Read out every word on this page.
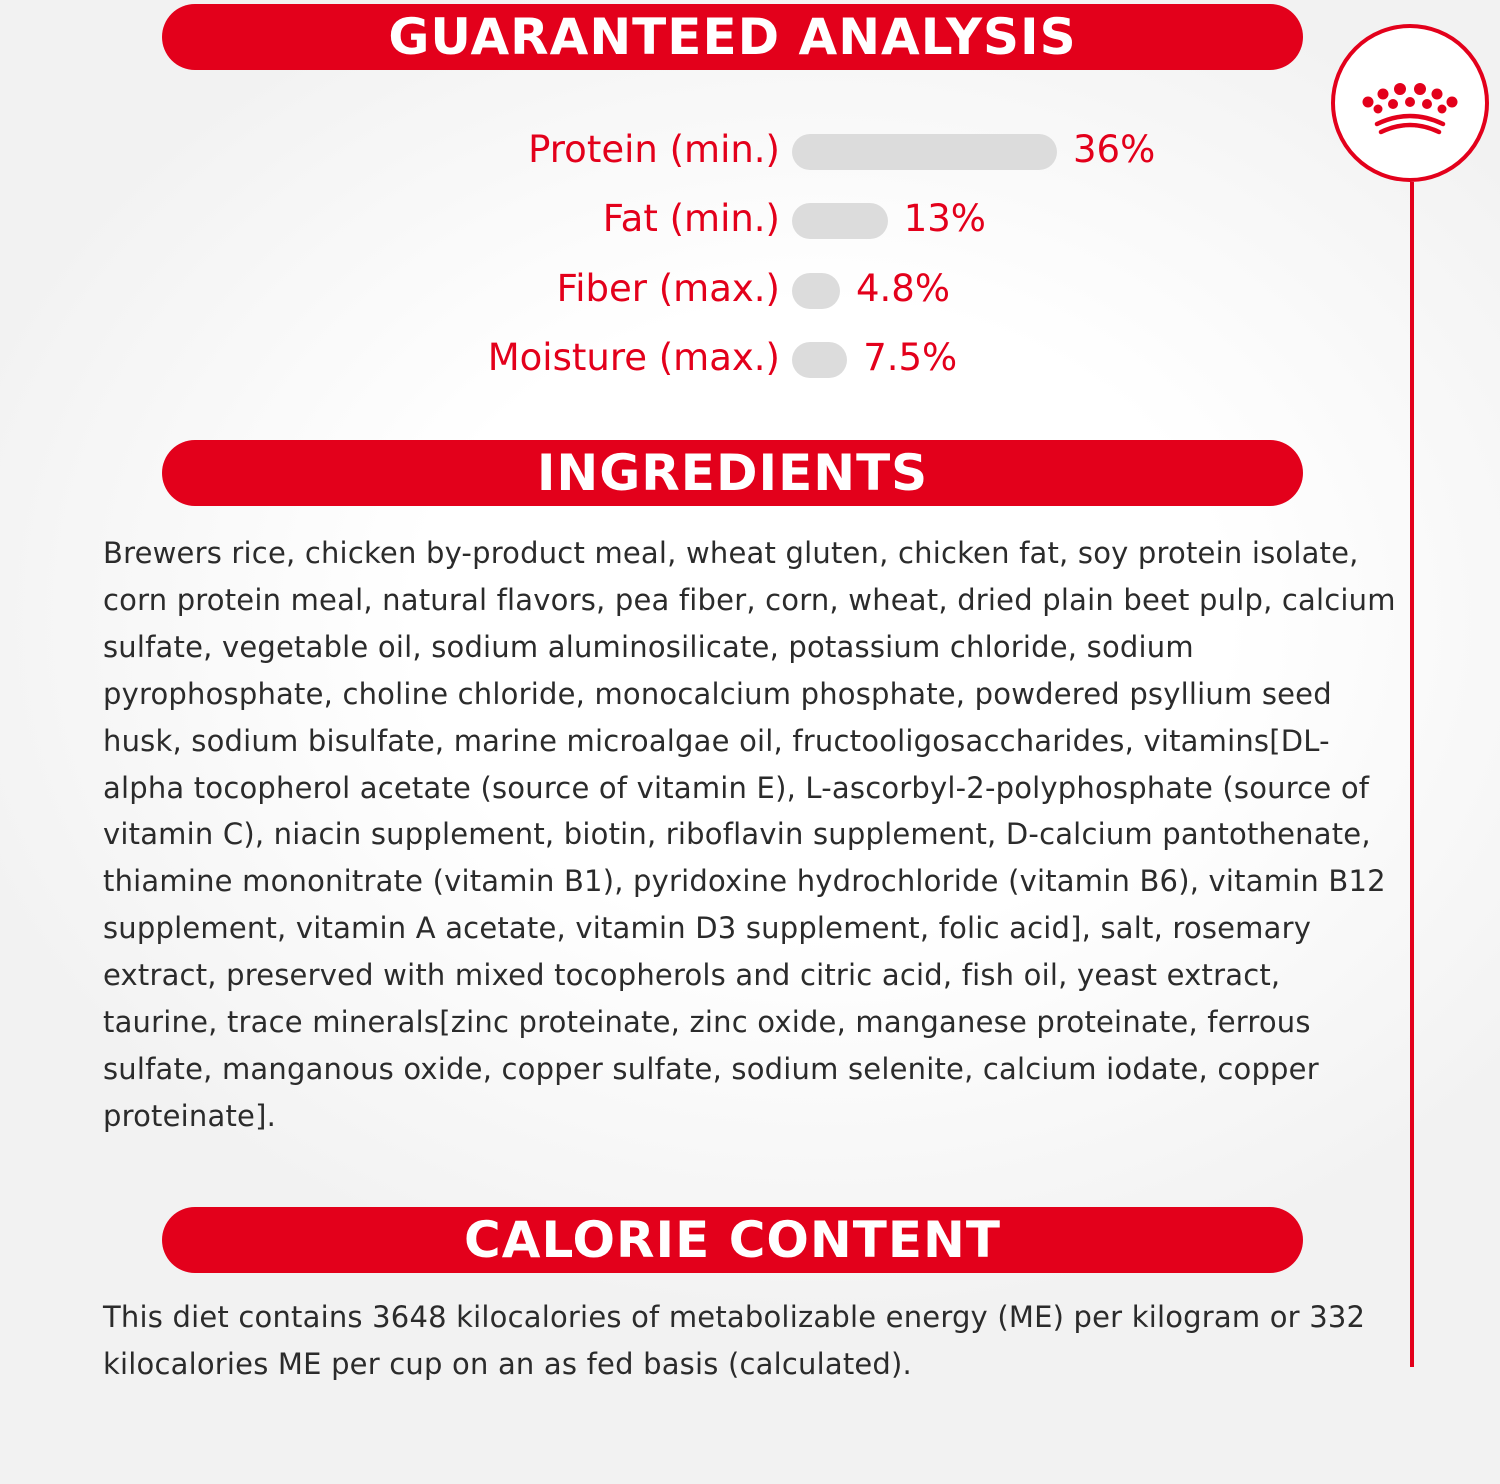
GUARANTEED ANALYSIS
Protein (min.)	36%
Fat (min.)	13%
Fiber (max.) 4.8%
Moisture (max.) 7.5%
INGREDIENTS

Brewers rice, chicken by-product meal, wheat gluten, chicken fat, soy protein isolate, corn protein meal, natural flavors, pea fiber, corn, wheat, dried plain beet pulp, calcium sulfate, vegetable oil, sodium aluminosilicate, potassium chloride, sodium pyrophosphate, choline chloride, monocalcium phosphate, powdered psyllium seed husk, sodium bisulfate, marine microalgae oil, fructooligosaccharides, vitamins[DL-alpha tocopherol acetate (source of vitamin E), L-ascorbyl-2-polyphosphate (source of vitamin C), niacin supplement, biotin, riboflavin supplement, D-calcium pantothenate, thiamine mononitrate (vitamin B1), pyridoxine hydrochloride (vitamin B6), vitamin B12 supplement, vitamin A acetate, vitamin D3 supplement, folic acid], salt, rosemary extract, preserved with mixed tocopherols and citric acid, fish oil, yeast extract, taurine, trace minerals[zinc proteinate, zinc oxide, manganese proteinate, ferrous sulfate, manganous oxide, copper sulfate, sodium selenite, calcium iodate, copper proteinate].

CALORIE CONTENT

This diet contains 3648 kilocalories of metabolizable energy (ME) per kilogram or 332 kilocalories ME per cup on an as fed basis (calculated).
